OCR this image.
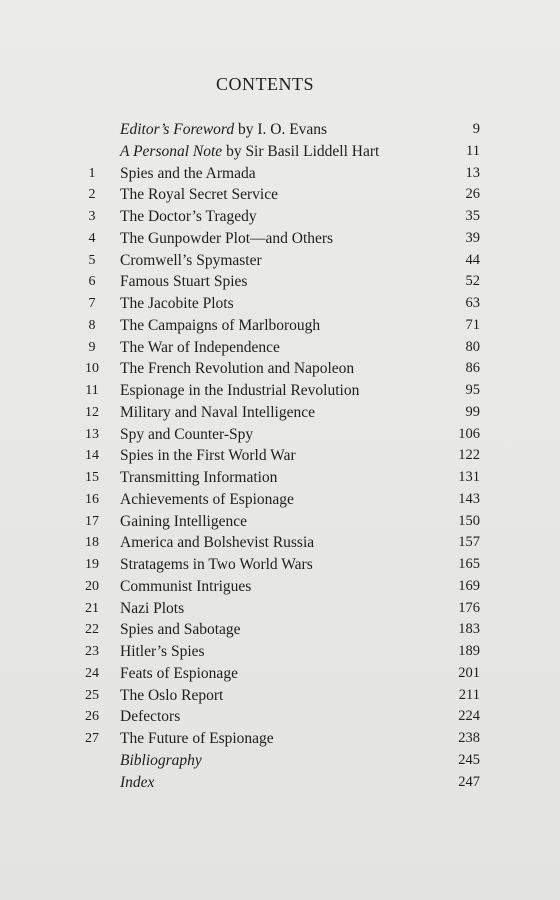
CONTENTS
Editor’s Foreword by I. O. Evans	9
A Personal Note by Sir Basil Liddell Hart	11
1	Spies and the Armada	13
2	The Royal Secret Service	26
3	The Doctor’s Tragedy	35
4	The Gunpowder Plot—and Others	39
5	Cromwell’s Spymaster	44
6	Famous Stuart Spies	52
7	The Jacobite Plots	63
8	The Campaigns of Marlborough	71
9	The War of Independence	80
10	The French Revolution and Napoleon	86
11	Espionage in the Industrial Revolution	95
12	Military and Naval Intelligence	99
13	Spy and Counter-Spy	106
14	Spies in the First World War	122
15	Transmitting Information	131
16	Achievements of Espionage	143
17	Gaining Intelligence	150
18	America and Bolshevist Russia	157
19	Stratagems in Two World Wars	165
20	Communist Intrigues	169
21	Nazi Plots	176
22	Spies and Sabotage	183
23	Hitler’s Spies	189
24	Feats of Espionage	201
25	The Oslo Report	211
26	Defectors	224
27	The Future of Espionage	238
Bibliography	245
Index	247
